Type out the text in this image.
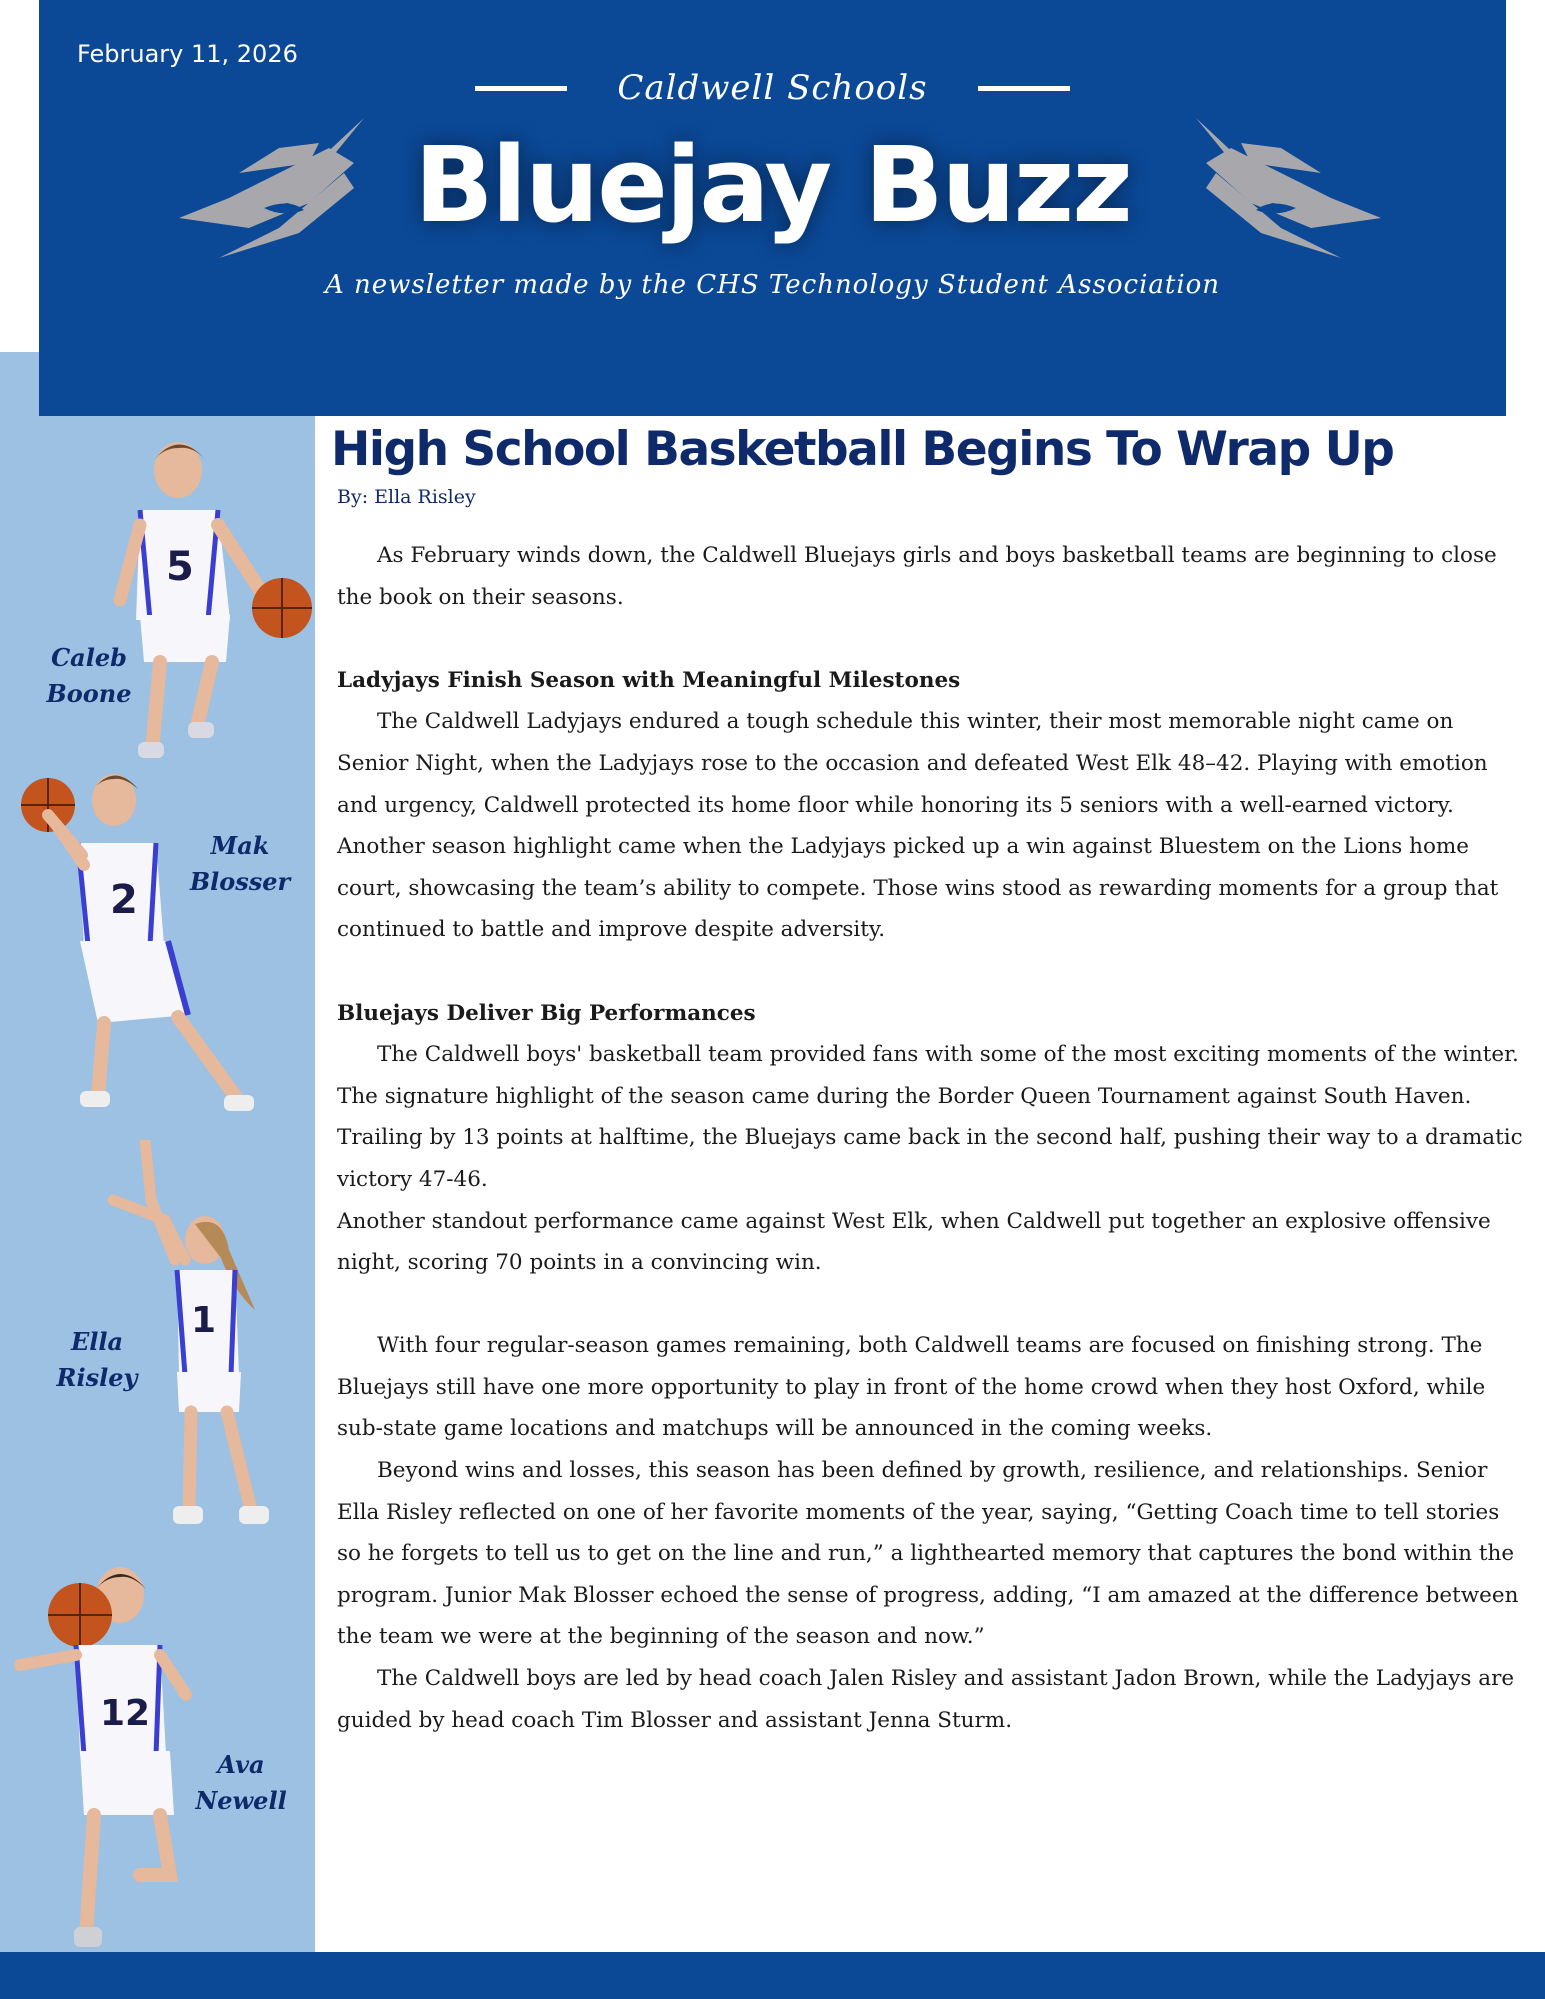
February 11, 2026
Caldwell Schools
Bluejay Buzz
A newsletter made by the CHS Technology Student Association
5
Caleb
Boone
2
Mak
Blosser
1
Ella
Risley
12
Ava
Newell
High School Basketball Begins To Wrap Up
By: Ella Risley

As February winds down, the Caldwell Bluejays girls and boys basketball teams are beginning to close the book on their seasons.

Ladyjays Finish Season with Meaningful Milestones

The Caldwell Ladyjays endured a tough schedule this winter, their most memorable night came on Senior Night, when the Ladyjays rose to the occasion and defeated West Elk 48–42. Playing with emotion and urgency, Caldwell protected its home floor while honoring its 5 seniors with a well-earned victory.

Another season highlight came when the Ladyjays picked up a win against Bluestem on the Lions home court, showcasing the team’s ability to compete. Those wins stood as rewarding moments for a group that continued to battle and improve despite adversity.

Bluejays Deliver Big Performances

The Caldwell boys' basketball team provided fans with some of the most exciting moments of the winter. The signature highlight of the season came during the Border Queen Tournament against South Haven. Trailing by 13 points at halftime, the Bluejays came back in the second half, pushing their way to a dramatic victory 47-46.

Another standout performance came against West Elk, when Caldwell put together an explosive offensive night, scoring 70 points in a convincing win.

With four regular-season games remaining, both Caldwell teams are focused on finishing strong. The Bluejays still have one more opportunity to play in front of the home crowd when they host Oxford, while sub-state game locations and matchups will be announced in the coming weeks.

Beyond wins and losses, this season has been defined by growth, resilience, and relationships. Senior Ella Risley reflected on one of her favorite moments of the year, saying, “Getting Coach time to tell stories so he forgets to tell us to get on the line and run,” a lighthearted memory that captures the bond within the program. Junior Mak Blosser echoed the sense of progress, adding, “I am amazed at the difference between the team we were at the beginning of the season and now.”

The Caldwell boys are led by head coach Jalen Risley and assistant Jadon Brown, while the Ladyjays are guided by head coach Tim Blosser and assistant Jenna Sturm.
